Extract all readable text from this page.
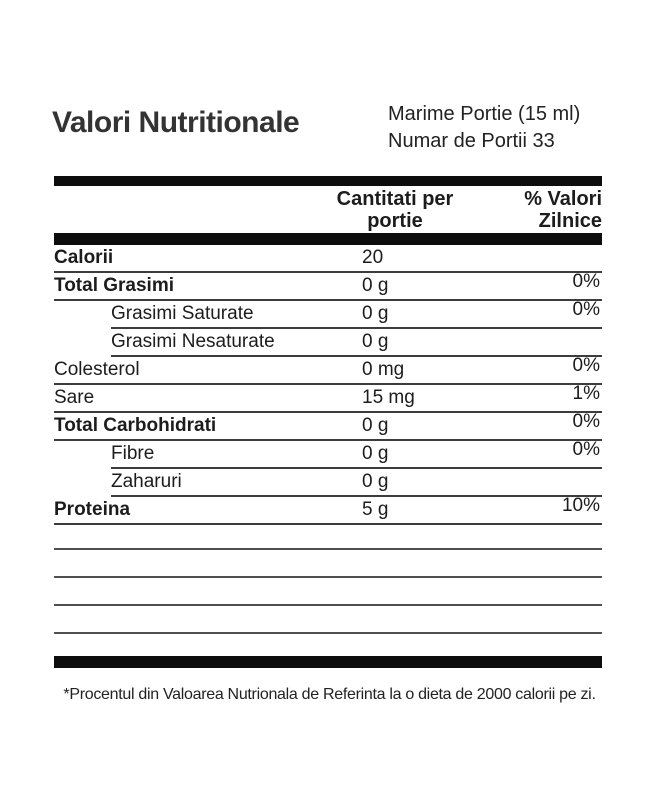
Valori Nutritionale	Marime Portie (15 ml)
Numar de Portii 33
Cantitati per portie
% Valori Zilnice
Calorii	20
Total Grasimi	0 g	0%
Grasimi Saturate	0 g	0%
Grasimi Nesaturate	0 g
Colesterol	0 mg	0%
Sare	15 mg	1%
Total Carbohidrati	0 g	0%
Fibre	0 g	0%
Zaharuri	0 g
Proteina	5 g	10%
*Procentul din Valoarea Nutrionala de Referinta la o dieta de 2000 calorii pe zi.
